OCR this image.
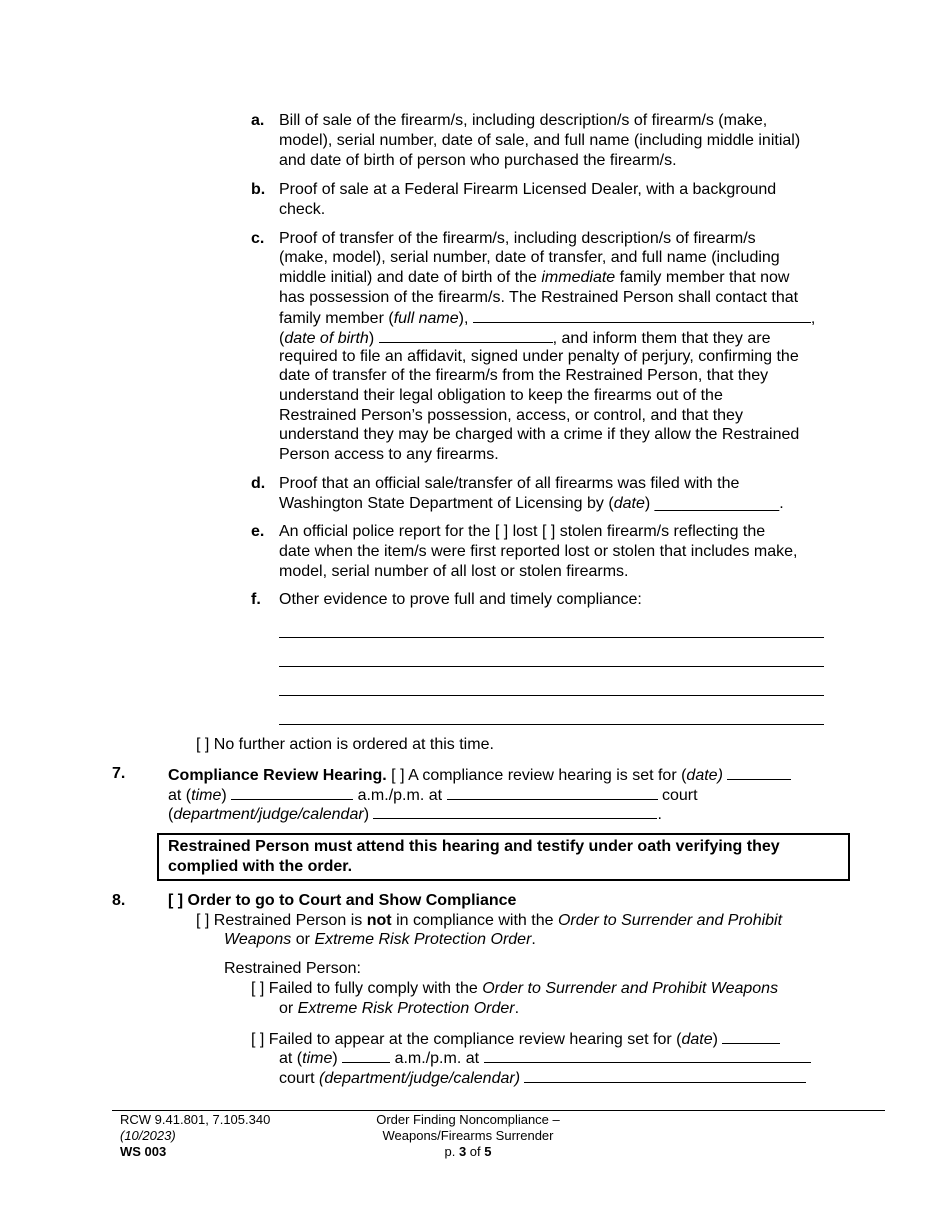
a. Bill of sale of the firearm/s, including description/s of firearm/s (make,
model), serial number, date of sale, and full name (including middle initial)
and date of birth of person who purchased the firearm/s.
b. Proof of sale at a Federal Firearm Licensed Dealer, with a background
check.
c. Proof of transfer of the firearm/s, including description/s of firearm/s
(make, model), serial number, date of transfer, and full name (including
middle initial) and date of birth of the immediate family member that now
has possession of the firearm/s. The Restrained Person shall contact that
family member (full name),	,
(date of birth)	, and inform them that they are
required to file an affidavit, signed under penalty of perjury, confirming the
date of transfer of the firearm/s from the Restrained Person, that they
understand their legal obligation to keep the firearms out of the
Restrained Person’s possession, access, or control, and that they
understand they may be charged with a crime if they allow the Restrained
Person access to any firearms.
d. Proof that an official sale/transfer of all firearms was filed with the
Washington State Department of Licensing by (date) ______________.
e. An official police report for the [ ] lost [ ] stolen firearm/s reflecting the
date when the item/s were first reported lost or stolen that includes make,
model, serial number of all lost or stolen firearms.
f. Other evidence to prove full and timely compliance:
[ ] No further action is ordered at this time.
7.	Compliance Review Hearing. [ ] A compliance review hearing is set for (date)
at (time)	a.m./p.m. at	court
(department/judge/calendar)	.
Restrained Person must attend this hearing and testify under oath verifying they
complied with the order.
8.	[ ] Order to go to Court and Show Compliance
[ ] Restrained Person is not in compliance with the Order to Surrender and Prohibit
Weapons or Extreme Risk Protection Order.
Restrained Person:
[ ] Failed to fully comply with the Order to Surrender and Prohibit Weapons
or Extreme Risk Protection Order.
[ ] Failed to appear at the compliance review hearing set for (date)
at (time)	a.m./p.m. at
court (department/judge/calendar)
RCW 9.41.801, 7.105.340
(10/2023)
WS 003
Order Finding Noncompliance –
Weapons/Firearms Surrender
p. 3 of 5
